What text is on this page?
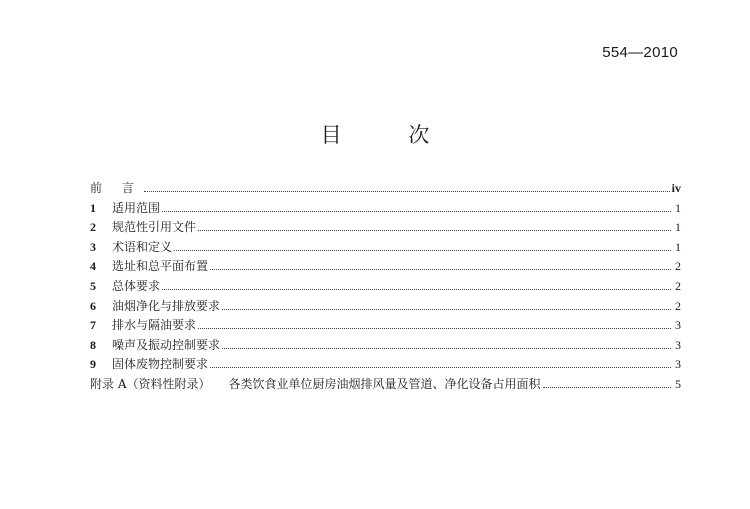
554—2010
目 次
前 言	iv
1	适用范围	1
2	规范性引用文件	1
3	术语和定义	1
4	选址和总平面布置	2
5	总体要求	2
6	油烟净化与排放要求	2
7	排水与隔油要求	3
8	噪声及振动控制要求	3
9	固体废物控制要求	3
附录 A（资料性附录） 各类饮食业单位厨房油烟排风量及管道、净化设备占用面积	5
